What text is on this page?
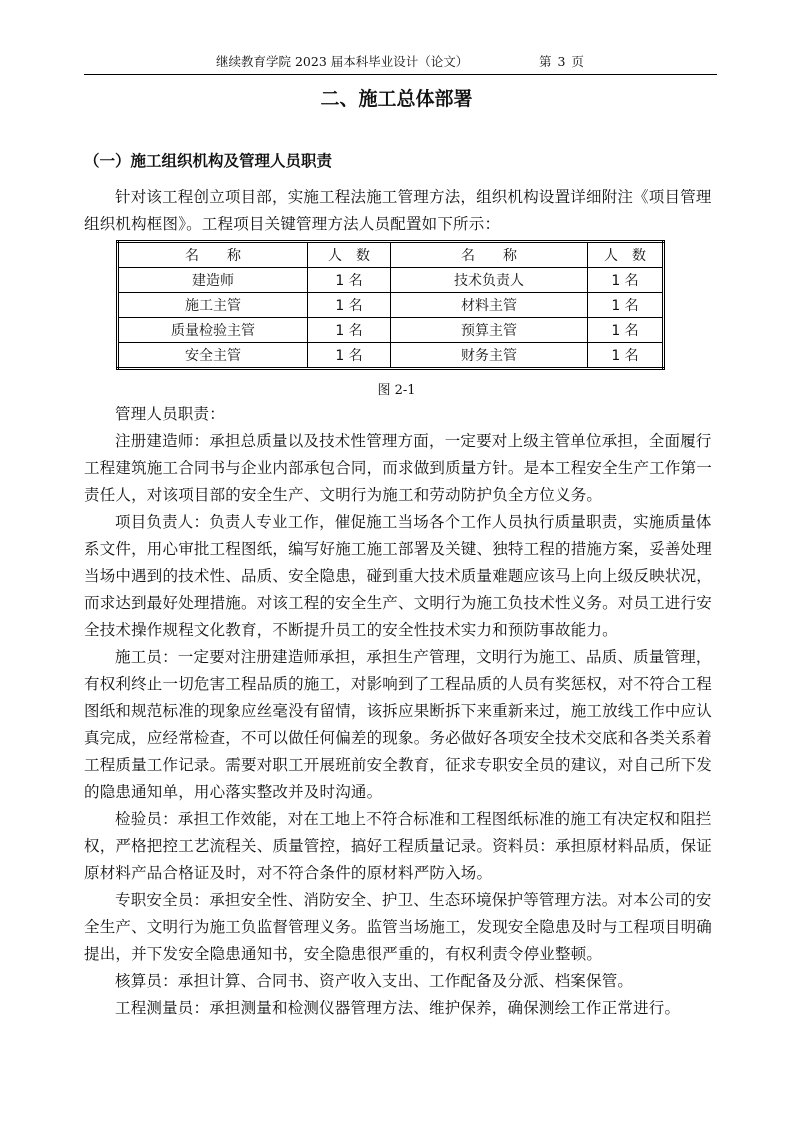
继续教育学院 2023 届本科毕业设计（论文）	第 3 页
二、施工总体部署
（一）施工组织机构及管理人员职责
针对该工程创立项目部，实施工程法施工管理方法，组织机构设置详细附注《项目管理组织机构框图》。工程项目关键管理方法人员配置如下所示：
名　　称	人　数	名　　称	人　数
建造师	1 名	技术负责人	1 名
施工主管	1 名	材料主管	1 名
质量检验主管	1 名	预算主管	1 名
安全主管	1 名	财务主管	1 名
图 2-1

管理人员职责：

注册建造师：承担总质量以及技术性管理方面，一定要对上级主管单位承担，全面履行工程建筑施工合同书与企业内部承包合同，而求做到质量方针。是本工程安全生产工作第一责任人，对该项目部的安全生产、文明行为施工和劳动防护负全方位义务。

项目负责人：负责人专业工作，催促施工当场各个工作人员执行质量职责，实施质量体系文件，用心审批工程图纸，编写好施工施工部署及关键、独特工程的措施方案，妥善处理当场中遇到的技术性、品质、安全隐患，碰到重大技术质量难题应该马上向上级反映状况，而求达到最好处理措施。对该工程的安全生产、文明行为施工负技术性义务。对员工进行安全技术操作规程文化教育，不断提升员工的安全性技术实力和预防事故能力。

施工员：一定要对注册建造师承担，承担生产管理，文明行为施工、品质、质量管理，有权利终止一切危害工程品质的施工，对影响到了工程品质的人员有奖惩权，对不符合工程图纸和规范标准的现象应丝毫没有留情，该拆应果断拆下来重新来过，施工放线工作中应认真完成，应经常检查，不可以做任何偏差的现象。务必做好各项安全技术交底和各类关系着工程质量工作记录。需要对职工开展班前安全教育，征求专职安全员的建议，对自己所下发的隐患通知单，用心落实整改并及时沟通。

检验员：承担工作效能，对在工地上不符合标准和工程图纸标准的施工有决定权和阻拦权，严格把控工艺流程关、质量管控，搞好工程质量记录。资料员：承担原材料品质，保证原材料产品合格证及时，对不符合条件的原材料严防入场。

专职安全员：承担安全性、消防安全、护卫、生态环境保护等管理方法。对本公司的安全生产、文明行为施工负监督管理义务。监管当场施工，发现安全隐患及时与工程项目明确提出，并下发安全隐患通知书，安全隐患很严重的，有权利责令停业整顿。

核算员：承担计算、合同书、资产收入支出、工作配备及分派、档案保管。

工程测量员：承担测量和检测仪器管理方法、维护保养，确保测绘工作正常进行。
